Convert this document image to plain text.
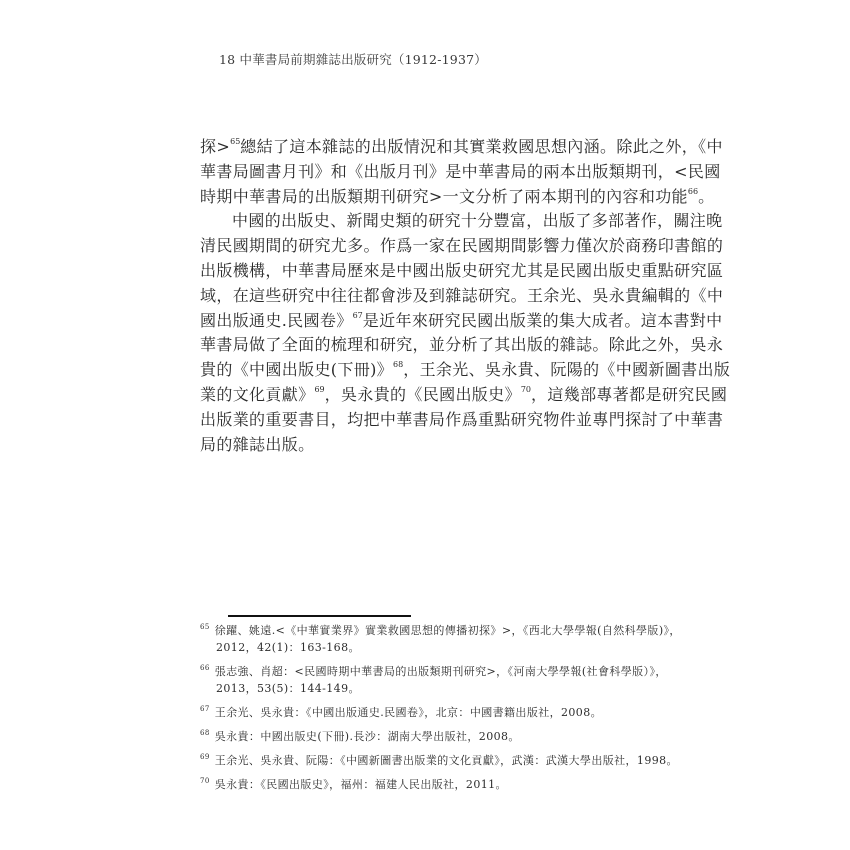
18 中華書局前期雜誌出版研究（1912-1937）
探>$^{65}$總結了這本雜誌的出版情況和其實業救國思想內涵。除此之外，《中
華書局圖書月刊》和《出版月刊》是中華書局的兩本出版類期刊，<民國
時期中華書局的出版類期刊研究>一文分析了兩本期刊的內容和功能$^{66}$。
中國的出版史、新聞史類的研究十分豐富，出版了多部著作，關注晚
清民國期間的研究尤多。作爲一家在民國期間影響力僅次於商務印書館的
出版機構，中華書局歷來是中國出版史研究尤其是民國出版史重點研究區
域，在這些研究中往往都會涉及到雜誌研究。王余光、吳永貴編輯的《中
國出版通史.民國卷》$^{67}$是近年來研究民國出版業的集大成者。這本書對中
華書局做了全面的梳理和研究，並分析了其出版的雜誌。除此之外，吳永
貴的《中國出版史(下冊)》$^{68}$，王余光、吳永貴、阮陽的《中國新圖書出版
業的文化貢獻》$^{69}$，吳永貴的《民國出版史》$^{70}$，這幾部專著都是研究民國
出版業的重要書目，均把中華書局作爲重點研究物件並專門探討了中華書
局的雜誌出版。
$^{65}$ 徐躍、姚遠.<《中華實業界》實業救國思想的傳播初探》>，《西北大學學報(自然科學版)》，
2012，42(1)：163-168。
$^{66}$ 張志強、肖超：<民國時期中華書局的出版類期刊研究>，《河南大學學報(社會科學版）》，
2013，53(5)：144-149。
$^{67}$ 王余光、吳永貴：《中國出版通史.民國卷》，北京：中國書籍出版社，2008。
$^{68}$ 吳永貴：中國出版史(下冊).長沙：湖南大學出版社，2008。
$^{69}$ 王余光、吳永貴、阮陽：《中國新圖書出版業的文化貢獻》，武漢：武漢大學出版社，1998。
$^{70}$ 吳永貴：《民國出版史》，福州：福建人民出版社，2011。
